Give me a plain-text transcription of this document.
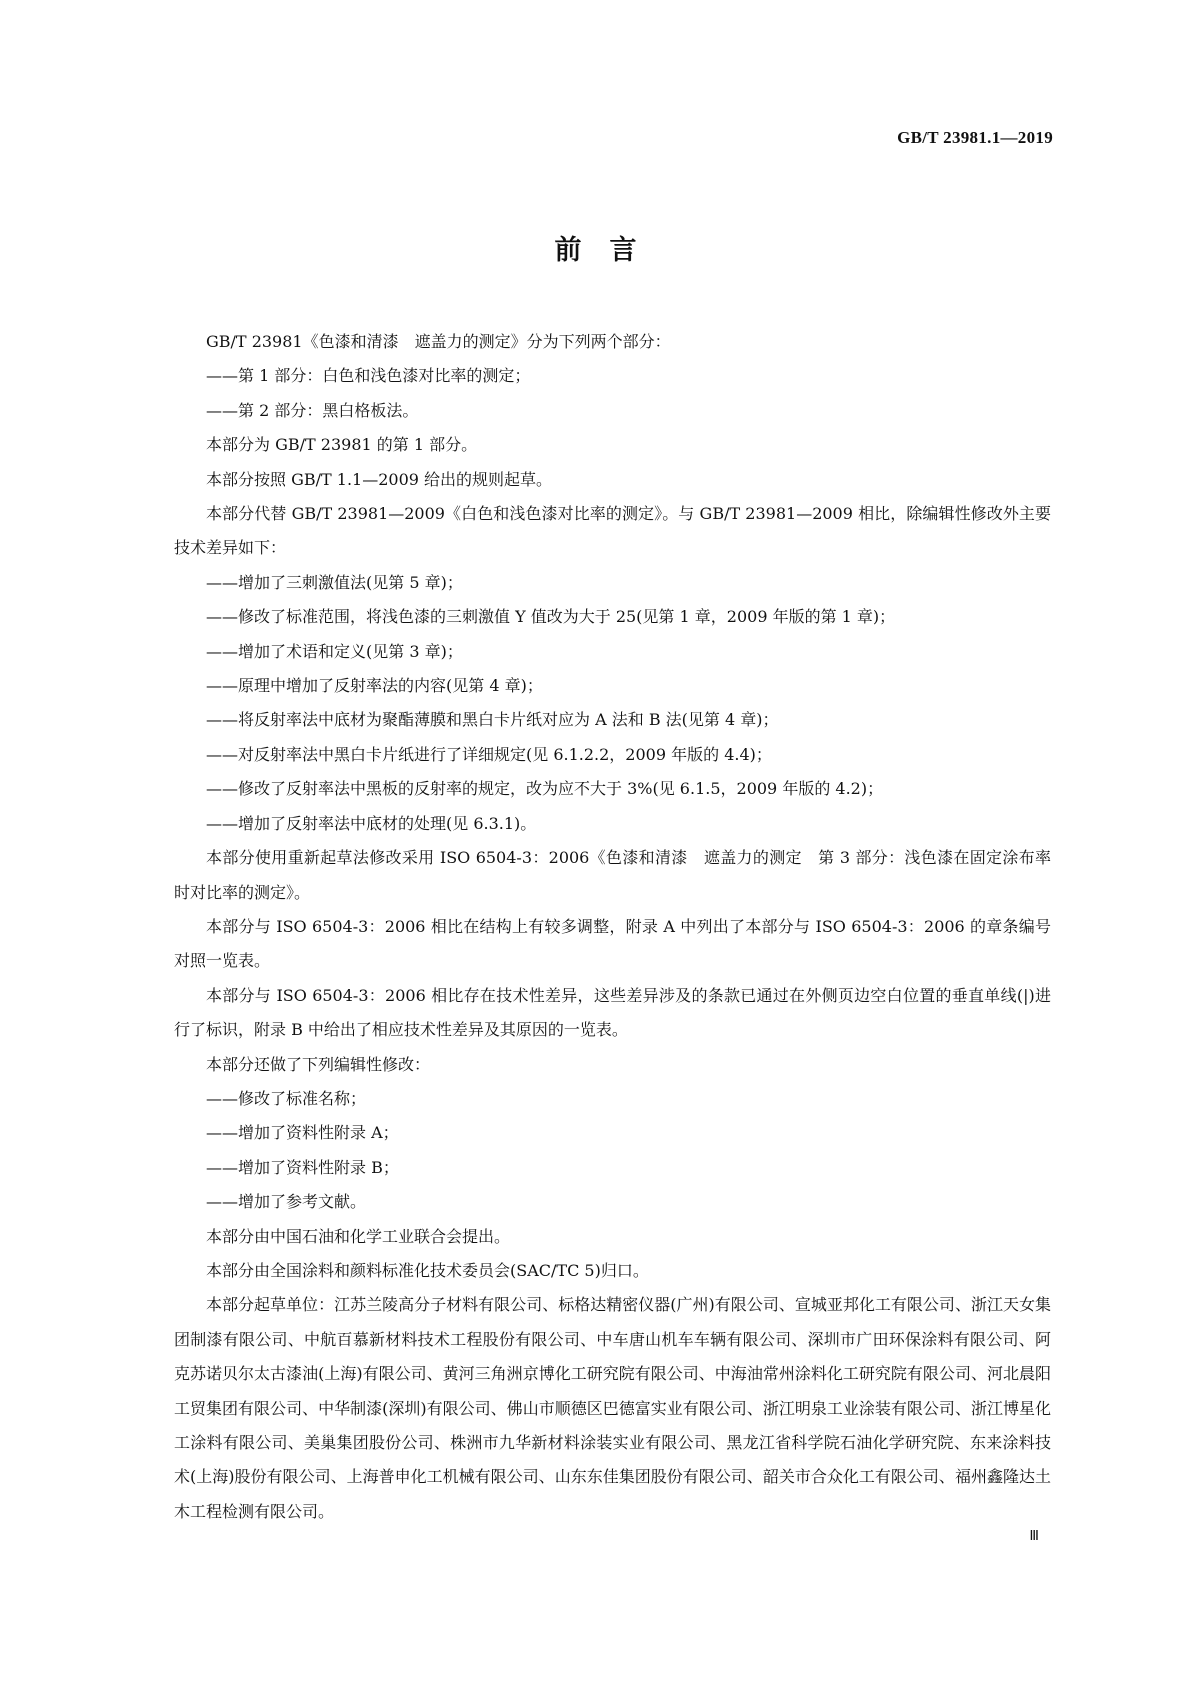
GB/T 23981.1—2019
前言

GB/T 23981《色漆和清漆　遮盖力的测定》分为下列两个部分：

——第 1 部分：白色和浅色漆对比率的测定；

——第 2 部分：黑白格板法。

本部分为 GB/T 23981 的第 1 部分。

本部分按照 GB/T 1.1—2009 给出的规则起草。

本部分代替 GB/T 23981—2009《白色和浅色漆对比率的测定》。与 GB/T 23981—2009 相比，除编辑性修改外主要技术差异如下：

——增加了三刺激值法(见第 5 章)；

——修改了标准范围，将浅色漆的三刺激值 Y 值改为大于 25(见第 1 章，2009 年版的第 1 章)；

——增加了术语和定义(见第 3 章)；

——原理中增加了反射率法的内容(见第 4 章)；

——将反射率法中底材为聚酯薄膜和黑白卡片纸对应为 A 法和 B 法(见第 4 章)；

——对反射率法中黑白卡片纸进行了详细规定(见 6.1.2.2，2009 年版的 4.4)；

——修改了反射率法中黑板的反射率的规定，改为应不大于 3%(见 6.1.5，2009 年版的 4.2)；

——增加了反射率法中底材的处理(见 6.3.1)。

本部分使用重新起草法修改采用 ISO 6504-3：2006《色漆和清漆　遮盖力的测定　第 3 部分：浅色漆在固定涂布率时对比率的测定》。

本部分与 ISO 6504-3：2006 相比在结构上有较多调整，附录 A 中列出了本部分与 ISO 6504-3：2006 的章条编号对照一览表。

本部分与 ISO 6504-3：2006 相比存在技术性差异，这些差异涉及的条款已通过在外侧页边空白位置的垂直单线(|)进行了标识，附录 B 中给出了相应技术性差异及其原因的一览表。

本部分还做了下列编辑性修改：

——修改了标准名称；

——增加了资料性附录 A；

——增加了资料性附录 B；

——增加了参考文献。

本部分由中国石油和化学工业联合会提出。

本部分由全国涂料和颜料标准化技术委员会(SAC/TC 5)归口。

本部分起草单位：江苏兰陵高分子材料有限公司、标格达精密仪器(广州)有限公司、宣城亚邦化工有限公司、浙江天女集团制漆有限公司、中航百慕新材料技术工程股份有限公司、中车唐山机车车辆有限公司、深圳市广田环保涂料有限公司、阿克苏诺贝尔太古漆油(上海)有限公司、黄河三角洲京博化工研究院有限公司、中海油常州涂料化工研究院有限公司、河北晨阳工贸集团有限公司、中华制漆(深圳)有限公司、佛山市顺德区巴德富实业有限公司、浙江明泉工业涂装有限公司、浙江博星化工涂料有限公司、美巢集团股份公司、株洲市九华新材料涂装实业有限公司、黑龙江省科学院石油化学研究院、东来涂料技术(上海)股份有限公司、上海普申化工机械有限公司、山东东佳集团股份有限公司、韶关市合众化工有限公司、福州鑫隆达土木工程检测有限公司。

Ⅲ
